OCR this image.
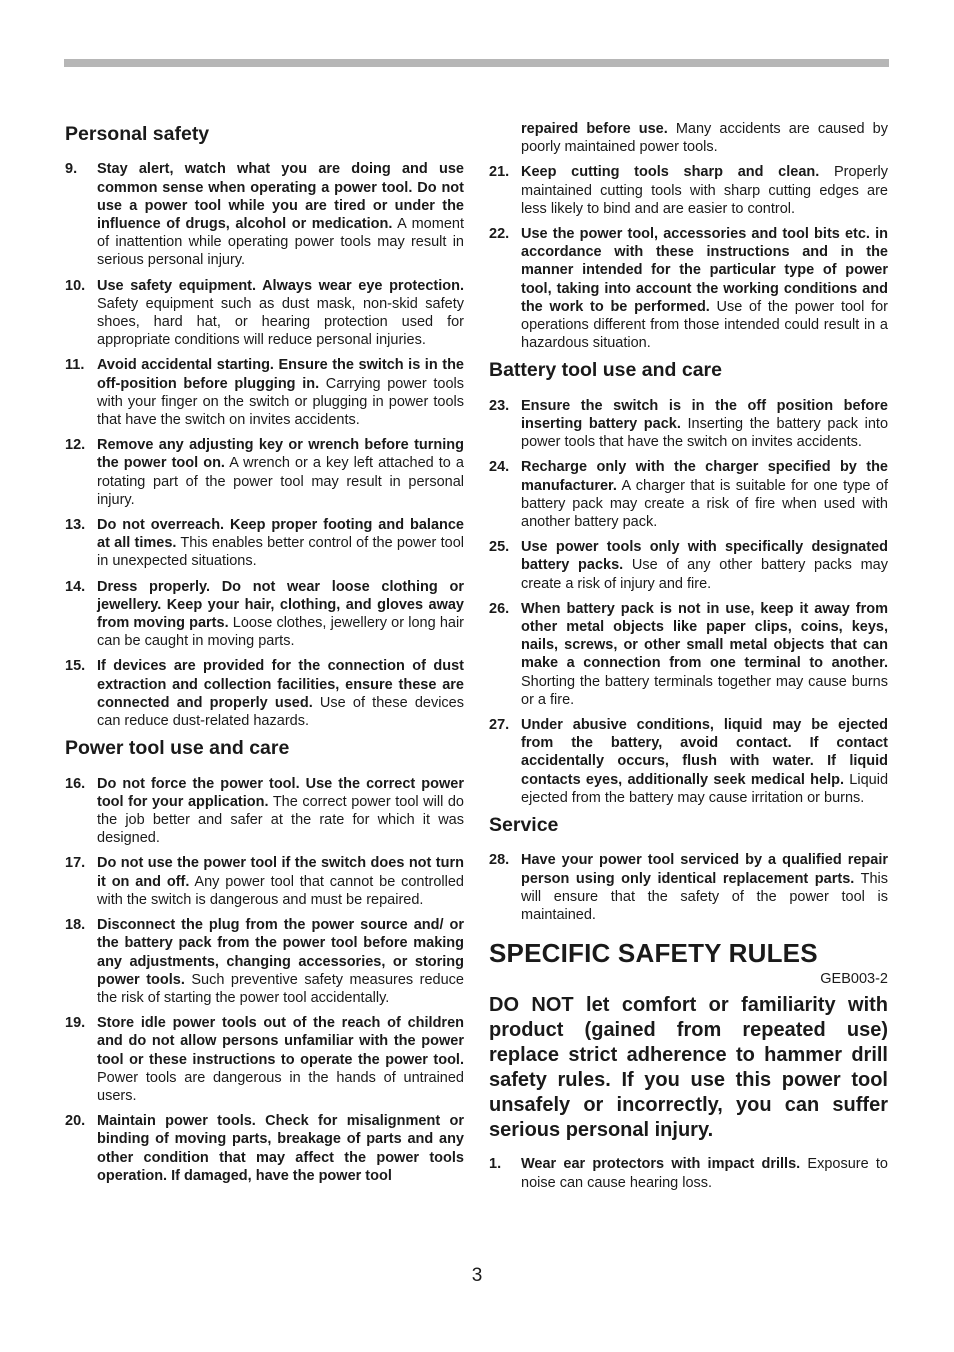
Personal safety
9. Stay alert, watch what you are doing and use common sense when operating a power tool. Do not use a power tool while you are tired or under the influence of drugs, alcohol or medication. A moment of inattention while operating power tools may result in serious personal injury.
10. Use safety equipment. Always wear eye protection. Safety equipment such as dust mask, non-skid safety shoes, hard hat, or hearing protection used for appropriate conditions will reduce personal injuries.
11. Avoid accidental starting. Ensure the switch is in the off-position before plugging in. Carrying power tools with your finger on the switch or plugging in power tools that have the switch on invites accidents.
12. Remove any adjusting key or wrench before turning the power tool on. A wrench or a key left attached to a rotating part of the power tool may result in personal injury.
13. Do not overreach. Keep proper footing and balance at all times. This enables better control of the power tool in unexpected situations.
14. Dress properly. Do not wear loose clothing or jewellery. Keep your hair, clothing, and gloves away from moving parts. Loose clothes, jewellery or long hair can be caught in moving parts.
15. If devices are provided for the connection of dust extraction and collection facilities, ensure these are connected and properly used. Use of these devices can reduce dust-related hazards.
Power tool use and care
16. Do not force the power tool. Use the correct power tool for your application. The correct power tool will do the job better and safer at the rate for which it was designed.
17. Do not use the power tool if the switch does not turn it on and off. Any power tool that cannot be controlled with the switch is dangerous and must be repaired.
18. Disconnect the plug from the power source and/ or the battery pack from the power tool before making any adjustments, changing accessories, or storing power tools. Such preventive safety measures reduce the risk of starting the power tool accidentally.
19. Store idle power tools out of the reach of children and do not allow persons unfamiliar with the power tool or these instructions to operate the power tool. Power tools are dangerous in the hands of untrained users.
20. Maintain power tools. Check for misalignment or binding of moving parts, breakage of parts and any other condition that may affect the power tools operation. If damaged, have the power tool
repaired before use. Many accidents are caused by poorly maintained power tools.
21. Keep cutting tools sharp and clean. Properly maintained cutting tools with sharp cutting edges are less likely to bind and are easier to control.
22. Use the power tool, accessories and tool bits etc. in accordance with these instructions and in the manner intended for the particular type of power tool, taking into account the working conditions and the work to be performed. Use of the power tool for operations different from those intended could result in a hazardous situation.
Battery tool use and care
23. Ensure the switch is in the off position before inserting battery pack. Inserting the battery pack into power tools that have the switch on invites accidents.
24. Recharge only with the charger specified by the manufacturer. A charger that is suitable for one type of battery pack may create a risk of fire when used with another battery pack.
25. Use power tools only with specifically designated battery packs. Use of any other battery packs may create a risk of injury and fire.
26. When battery pack is not in use, keep it away from other metal objects like paper clips, coins, keys, nails, screws, or other small metal objects that can make a connection from one terminal to another. Shorting the battery terminals together may cause burns or a fire.
27. Under abusive conditions, liquid may be ejected from the battery, avoid contact. If contact accidentally occurs, flush with water. If liquid contacts eyes, additionally seek medical help. Liquid ejected from the battery may cause irritation or burns.
Service
28. Have your power tool serviced by a qualified repair person using only identical replacement parts. This will ensure that the safety of the power tool is maintained.
SPECIFIC SAFETY RULES
GEB003-2
DO NOT let comfort or familiarity with product (gained from repeated use) replace strict adherence to hammer drill safety rules. If you use this power tool unsafely or incorrectly, you can suffer serious personal injury.
1. Wear ear protectors with impact drills. Exposure to noise can cause hearing loss.
3
